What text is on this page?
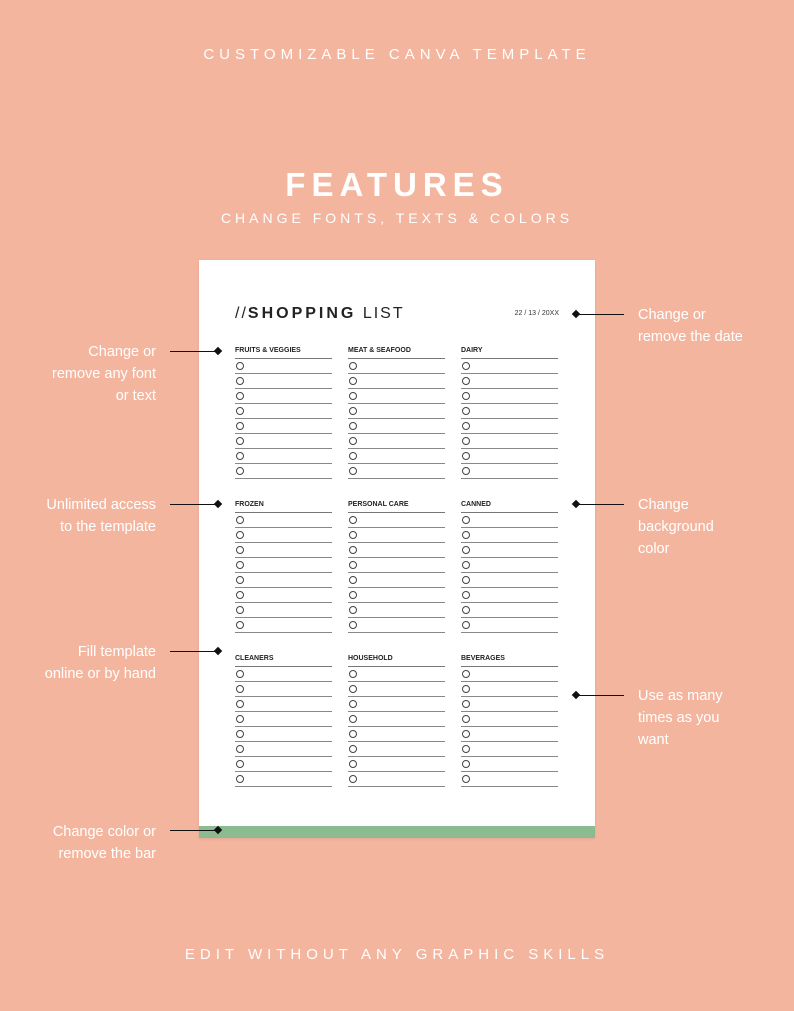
CUSTOMIZABLE CANVA TEMPLATE
FEATURES
CHANGE FONTS, TEXTS & COLORS
//SHOPPING LIST	22 / 13 / 20XX
FRUITS & VEGGIES	MEAT & SEAFOOD	DAIRY
FROZEN	PERSONAL CARE	CANNED
CLEANERS	HOUSEHOLD	BEVERAGES
Change or remove any font or text
Unlimited access to the template
Fill template online or by hand
Change color or remove the bar
Change or remove the date
Change background color
Use as many times as you want
EDIT WITHOUT ANY GRAPHIC SKILLS
